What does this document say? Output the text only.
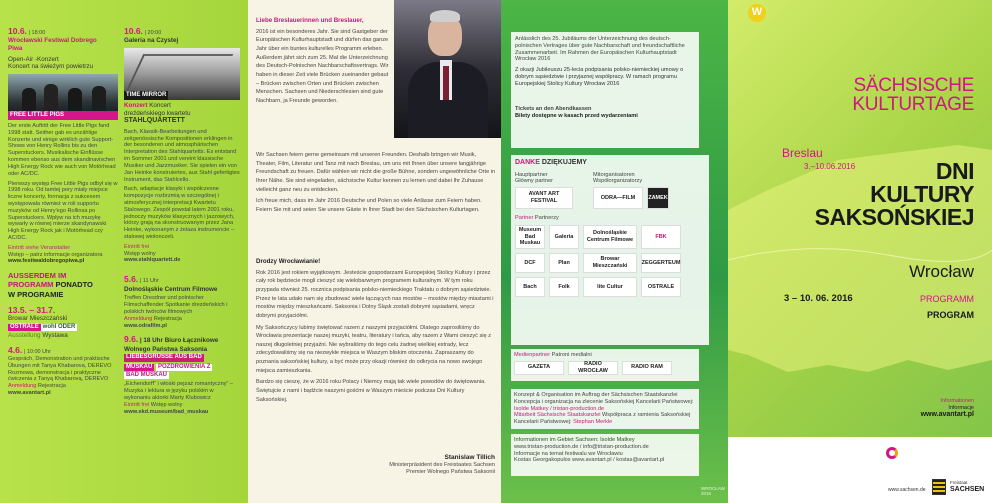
10.6. | 18:00
Wrocławski Festiwal Dobrego
Piwa
Open-Air -Konzert
Koncert na świeżym powietrzu
FREE LITTLE PIGS
Der erste Auftritt der Free Little Pigs fand 1998 statt. Seither gab es unzählige Konzerte und einige wirklich gute Support-Shows von Henry Rollins bis zu den Superstuckers. Musikalische Einflüsse kommen ebenso aus dem skandinavischen High Energy Rock wie auch von Motörhead oder AC/DC.
Pierwszy występ Free Little Pigs odbył się w 1998 roku. Od tamtej pory miały miejsce liczne koncerty, formacja z sukcesem występowała również w roli supportu muzyków od Henry'ego Rollinsa po Superstuckers. Wpływ na ich muzykę wywarły w równej mierze skandynawski High Energy Rock jak i Motörhead czy AC/DC.
Eintritt siehe Veranstalter
Wstęp – patrz informacje organizatora
www.festiwaldobregopiwa.pl
AUSSERDEM IM
PROGRAMM PONADTO
W PROGRAMIE
13.5. – 31.7.
Browar Mieszczański
OSTRALE wohl ODER
Ausstellung Wystawa
4.6. | 10:00 Uhr
Gespräch, Demonstration und praktische Übungen mit Tanya Khabarova, DEREVO Rozmowa, demonstracja i praktyczne ćwiczenia z Tanyą Khabarovą, DEREVO
Anmeldung Rejestracja
www.avantart.pl
10.6. | 20:00
Galeria na Czystej
TIME MIRROR
Konzert Koncert
dreźdeńskiego kwartetu
STAHLQUARTETT
Bach, Klassik-Bearbeitungen und zeitgenössische Kompositionen erklingen in der besonderen und atmosphärischen Interpretation des Stahlquartetts. Es entstand im Sommer 2001 und vereint klassische Musiker und Jazzmusiker. Sie spielen ein von Jan Heinke konstruiertes, aus Stahl gefertigtes Instrument, das Stahlcello.
Bach, adaptacje klasyki i współczesne kompozycje rozbrzmią w szczególnej i atmosferycznej interpretacji Kwartetu Stalowego. Zespół powstał latem 2001 roku, jednoczy muzyków klasycznych i jazzowych, którzy grają na skonstruowanym przez Jana Heinke, wykonanym z żelaza instrumencie – stalowej wiolonczeli.
Eintritt frei
Wstęp wolny
www.stahlquartett.de
5.6. | 11 Uhr
Dolnośląskie Centrum Filmowe
Treffen Dresdner und polnischer Filmschaffender Spotkanie drezdeńskich i polskich twórców filmowych
Anmeldung Rejestracja
www.odrafilm.pl
9.6. | 18 Uhr Biuro Łącznikowe
Wolnego Państwa Saksonia
LIEBESGRÜSSE AUS BAD
MUSKAU POZDROWIENIA Z
BAD MUSKAU
„Eichendorff“ i włoski pejzaż romantyczny“ – Muzyka i lektura w języku polskim w wykonaniu aktorki Marty Klubowicz
Eintritt frei Wstęp wolny
www.skd.museum/bad_muskau
Liebe Breslauerinnen und Breslauer,
2016 ist ein besonderes Jahr. Sie sind Gastgeber der Europäischen Kulturhauptstadt und dürfen das ganze Jahr über ein buntes kulturelles Programm erleben. Außerdem jährt sich zum 25. Mal die Unterzeichnung des Deutsch-Polnischen Nachbarschaftsvertrags. Wir haben in dieser Zeit viele Brücken zueinander gebaut – Brücken zwischen Orten und Brücken zwischen Menschen. Sachsen und Niederschlesien sind gute Nachbarn, ja Freunde geworden.

Wir Sachsen feiern gerne gemeinsam mit unseren Freunden. Deshalb bringen wir Musik, Theater, Film, Literatur und Tanz mit nach Breslau, um uns mit Ihnen über unsere langjährige Freundschaft zu freuen. Dafür wählen wir nicht die große Bühne, sondern ungewöhnliche Orte in Ihrer Nähe. Sie sind eingeladen, sächsische Kultur kennen zu lernen und dabei Ihr Zuhause vielleicht ganz neu zu entdecken.

Ich freue mich, dass im Jahr 2016 Deutsche und Polen so viele Anlässe zum Feiern haben. Feiern Sie mit und seien Sie unsere Gäste in Ihrer Stadt bei den Sächsischen Kulturtagen.

Drodzy Wrocławianie!

Rok 2016 jest rokiem wyjątkowym. Jesteście gospodarzami Europejskiej Stolicy Kultury i przez cały rok będziecie mogli cieszyć się wielobarwnym programem kulturalnym. W tym roku przypada również 25. rocznica podpisania polsko-niemieckiego Traktatu o dobrym sąsiedztwie. Przez te lata udało nam się zbudować wiele łączących nas mostów – mostów między miastami i mostów między mieszkańcami. Saksonia i Dolny Śląsk zostali dobrymi sąsiadami, wręcz dobrymi przyjaciółmi.

My Saksończycy lubimy świętować razem z naszymi przyjaciółmi. Dlatego zaprosiliśmy do Wrocławia prezentacje naszej muzyki, teatru, literatury i tańca, aby razem z Wami cieszyć się z naszej długoletniej przyjaźni. Nie wybraliśmy do tego celu żadnej wielkiej estrady, lecz zdecydowaliśmy się na niezwykłe miejsca w Waszym bliskim otoczeniu. Zapraszamy do poznania saksońskiej kultury, a być może przy okazji również do odkrycia na nowo swojego miejsca zamieszkania.

Bardzo się cieszę, że w 2016 roku Polacy i Niemcy mają tak wiele powodów do świętowania. Świętujcie z nami i bądźcie naszymi gośćmi w Waszym mieście podczas Dni Kultury Saksońskiej.

Stanislaw Tillich
Ministerpräsident des Freistaates Sachsen
Premier Wolnego Państwa Saksonii
Anlässlich des 25. Jubiläums der Unterzeichnung des deutsch-polnischen Vertrages über gute Nachbarschaft und freundschaftliche Zusammenarbeit. Im Rahmen der Europäischen Kulturhauptstadt Wrocław 2016
Z okazji Jubileuszu 25-lecia podpisania polsko-niemieckiej umowy o dobrym sąsiedztwie i przyjaznej współpracy. W ramach programu Europejskiej Stolicy Kultury Wrocław 2016
Tickets an den Abendkassen
Bilety dostępne w kasach przed wydarzeniami
DANKE DZIĘKUJEMY
Hauptpartner
Główny partner
AVANT ART FESTIVAL
Mitorganisatoren
Współorganizatorzy
ODRA—FILM	ZAMEK
Partner Partnerzy
Museum Bad Muskau
Galeria
Dolnośląskie Centrum Filmowe
FBK
DCF	Plan
Browar Mieszczański
ZEGGERTEUM
Bach	Folk	lite Cultur	OSTRALE
Medienpartner Patroni medialni
GAZETA
RADIO WROCŁAW
RADIO RAM
Konzept & Organisation im Auftrag der Sächsischen Staatskanzlei
Koncepcja i organizacja na zlecenie Saksońskiej Kancelarii Państwowej: Isolde Matkey / tristan-production.de
Mitarbeit Sächsische Staatskanzlei Współpraca z ramienia Saksońskiej Kancelarii Państwowej: Stephan Merkle
Informationen im Gebiet Sachsen: Isolde Matkey
www.tristan-production.de / info@tristan-production.de
Informacje na temat festiwalu we Wrocławiu
Kostas Georgakopulos www.avantart.pl / kostas@avantart.pl
WROCŁAW 2016
W
SÄCHSISCHE
KULTURTAGE
Breslau
3.–10.06.2016	DNI
KULTURY
SAKSOŃSKIEJ
Wrocław
3 – 10. 06. 2016	PROGRAMM
PROGRAM
Informationen
Informacje
www.avantart.pl
www.sachsen.de
Freistaat
SACHSEN
